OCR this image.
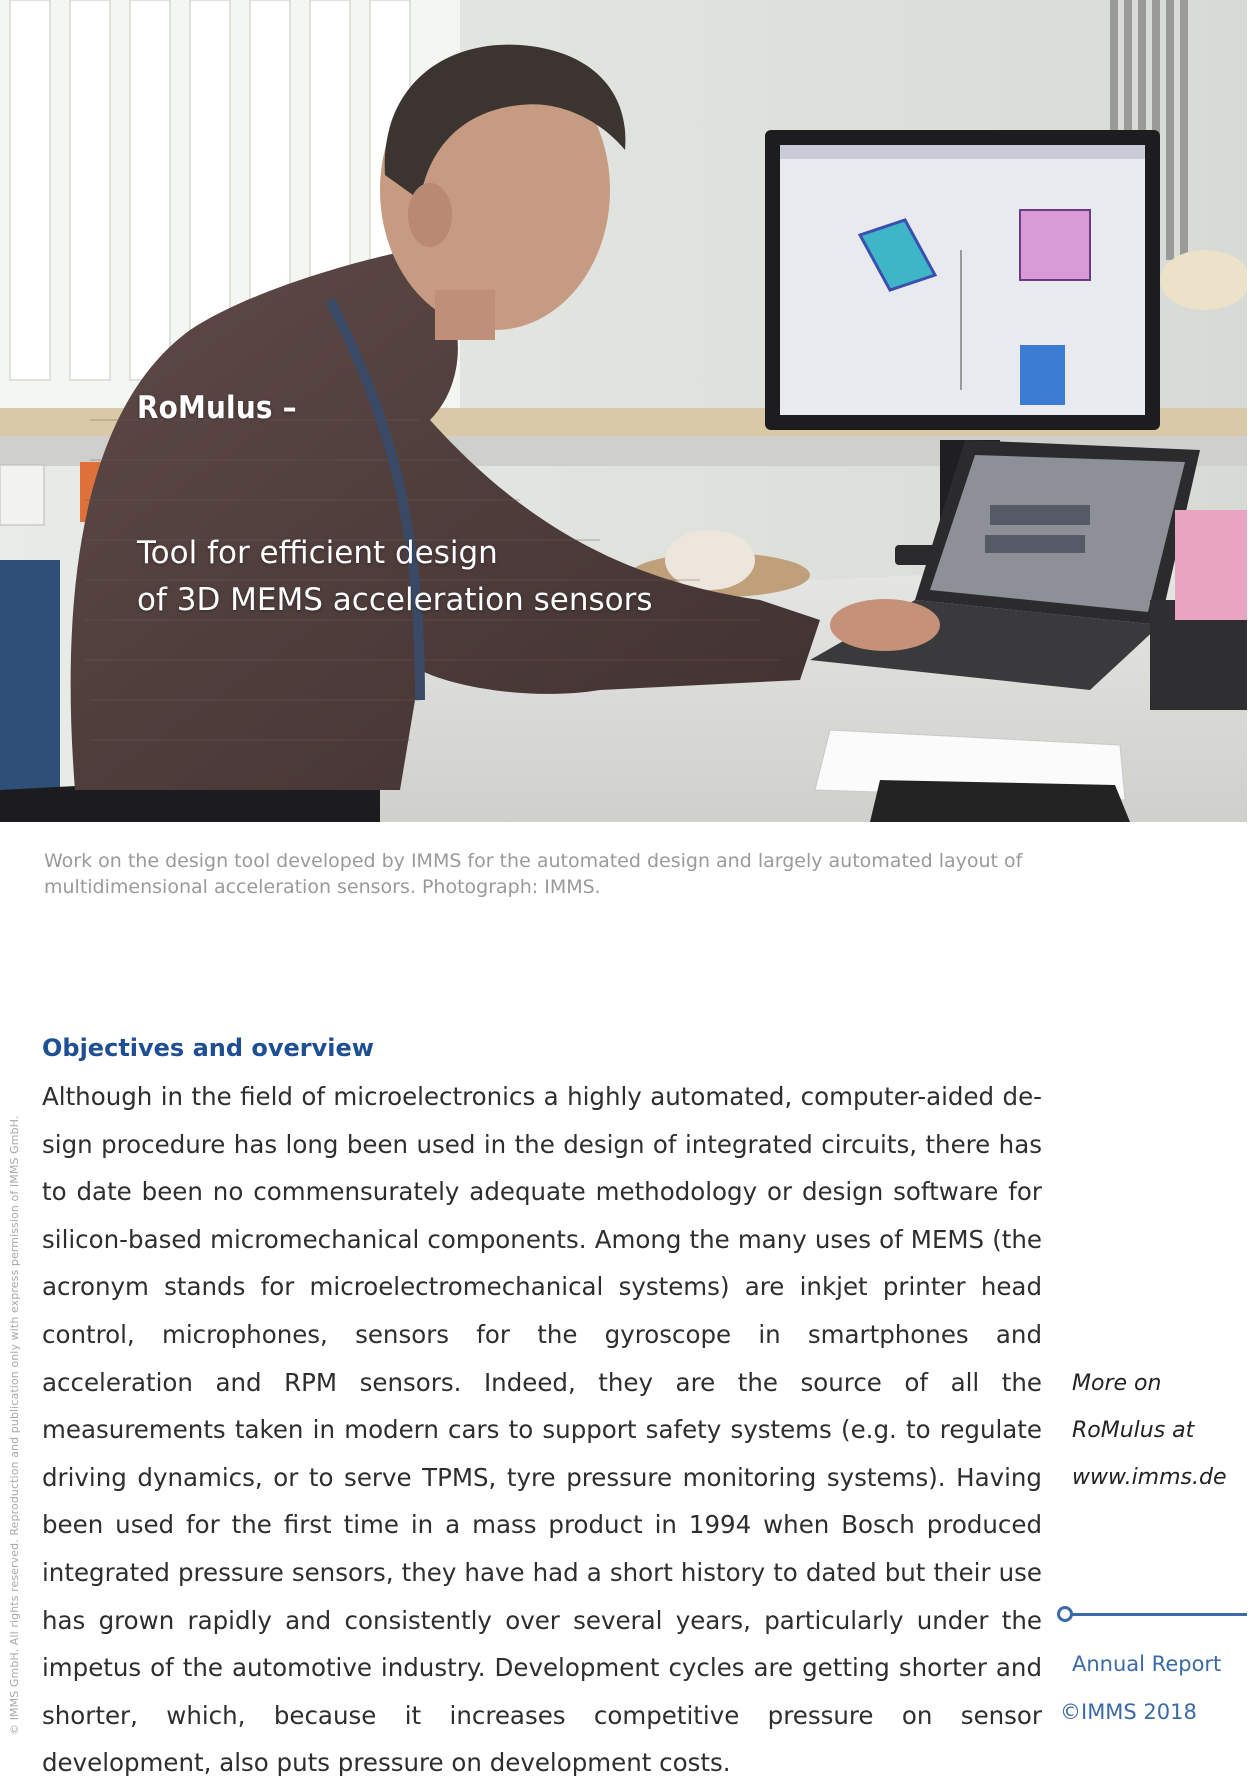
RoMulus –
Tool for efficient design
of 3D MEMS acceleration sensors
Work on the design tool developed by IMMS for the automated design and largely automated layout of multidimensional acceleration sensors. Photograph: IMMS.
© IMMS GmbH. All rights reserved. Reproduction and publication only with express permission of IMMS GmbH.
Objectives and overview
Although in the field of microelectronics a highly automated, computer-aided design procedure has long been used in the design of integrated circuits, there has to date been no commensurately adequate methodology or design software for silicon-based micromechanical components. Among the many uses of MEMS (the acronym stands for microelectromechanical systems) are inkjet printer head control, microphones, sensors for the gyroscope in smartphones and acceleration and RPM sensors. Indeed, they are the source of all the measurements taken in modern cars to support safety systems (e.g. to regulate driving dynamics, or to serve TPMS, tyre pressure monitoring systems). Having been used for the first time in a mass product in 1994 when Bosch produced integrated pressure sensors, they have had a short history to dated but their use has grown rapidly and consistently over several years, particularly under the impetus of the automotive industry. Development cycles are getting shorter and shorter, which, because it increases competitive pressure on sensor development, also puts pressure on development costs.
More on
RoMulus at
www.imms.de
Annual Report
©IMMS 2018
